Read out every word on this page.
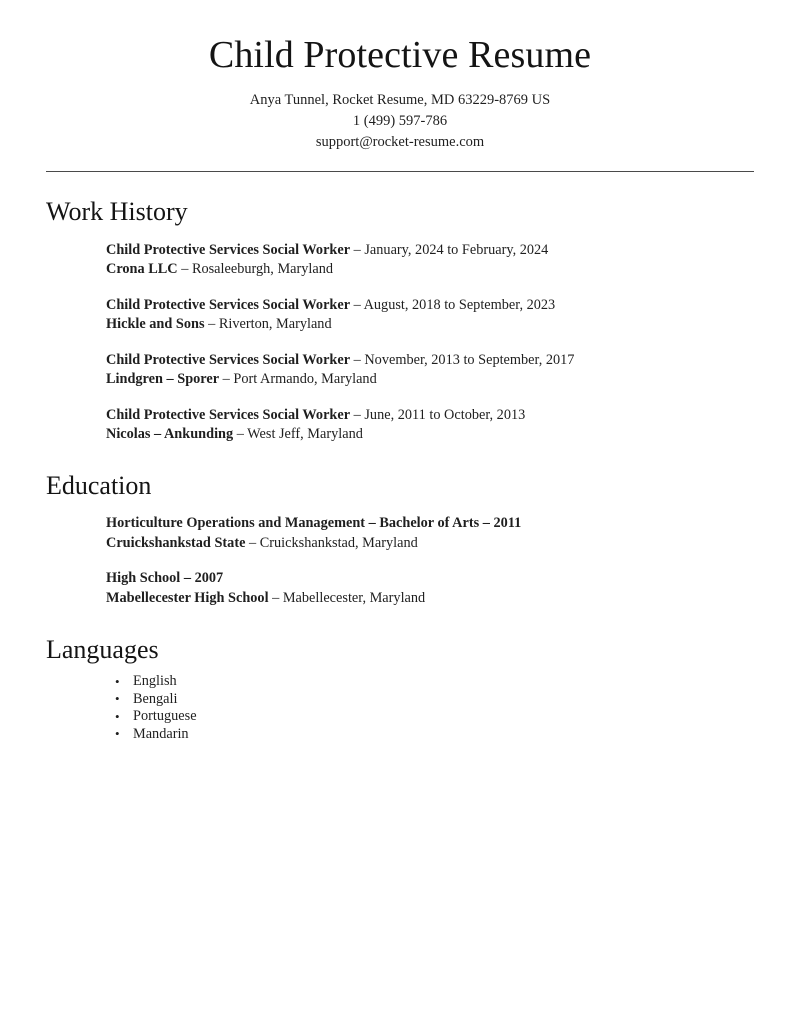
Child Protective Resume

Anya Tunnel, Rocket Resume, MD 63229-8769 US

1 (499) 597-786

support@rocket-resume.com

Work History
Child Protective Services Social Worker – January, 2024 to February, 2024
Crona LLC – Rosaleeburgh, Maryland
Child Protective Services Social Worker – August, 2018 to September, 2023
Hickle and Sons – Riverton, Maryland
Child Protective Services Social Worker – November, 2013 to September, 2017
Lindgren – Sporer – Port Armando, Maryland
Child Protective Services Social Worker – June, 2011 to October, 2013
Nicolas – Ankunding – West Jeff, Maryland
Education
Horticulture Operations and Management – Bachelor of Arts – 2011
Cruickshankstad State – Cruickshankstad, Maryland
High School – 2007
Mabellecester High School – Mabellecester, Maryland
Languages
• English
• Bengali
• Portuguese
• Mandarin
